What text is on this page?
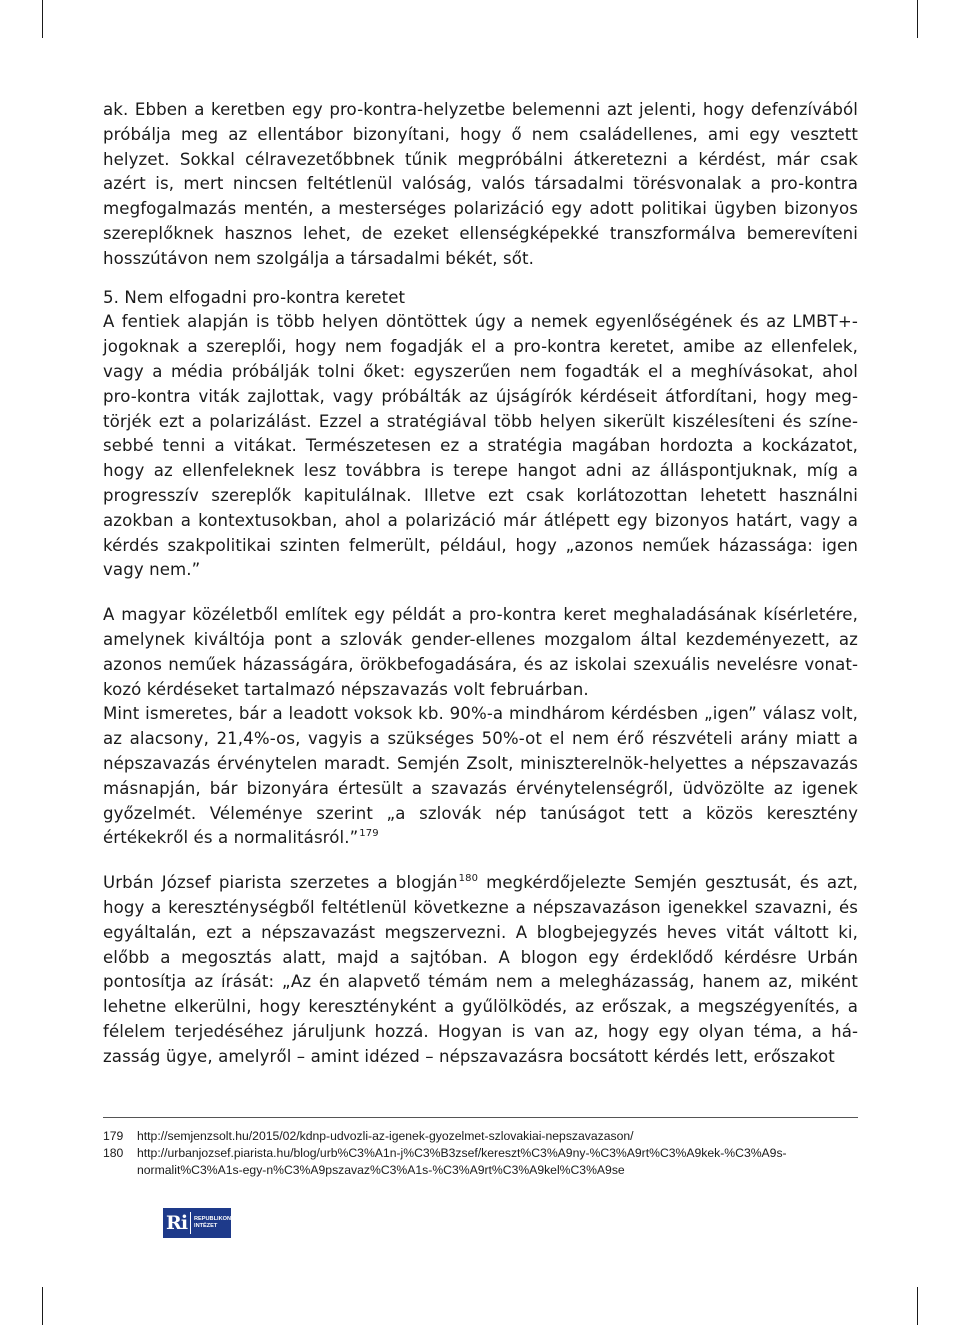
ak. Ebben a keretben egy pro-kontra-helyzetbe belemenni azt jelenti, hogy defenzívából próbálja meg az ellentábor bizonyítani, hogy ő nem családellenes, ami egy vesztett helyzet. Sokkal célravezetőbbnek tűnik megpróbálni átkeretezni a kérdést, már csak azért is, mert nincsen feltétlenül valóság, valós társadalmi törésvonalak a pro-kontra megfogalmazás mentén, a mesterséges polarizáció egy adott politikai ügyben bizonyos szereplőknek hasznos lehet, de ezeket ellenségképekké transzformálva bemerevíteni hosszútávon nem szolgálja a társadalmi békét, sőt.

5. Nem elfogadni pro-kontra keretet

A fentiek alapján is több helyen döntöttek úgy a nemek egyenlőségének és az LMBT+-jogoknak a szereplői, hogy nem fogadják el a pro-kontra keretet, amibe az ellenfelek, vagy a média próbálják tolni őket: egyszerűen nem fogadták el a meghívásokat, ahol pro-kontra viták zajlottak, vagy próbálták az újságírók kérdéseit átfordítani, hogy megtörjék ezt a polarizálást. Ezzel a stratégiával több helyen sikerült kiszélesíteni és színesebbé tenni a vitákat. Természetesen ez a stratégia magában hordozta a kockázatot, hogy az ellenfeleknek lesz továbbra is terepe hangot adni az álláspontjuknak, míg a progresszív szereplők kapitulálnak. Illetve ezt csak korlátozottan lehetett használni azokban a kontextusokban, ahol a polarizáció már átlépett egy bizonyos határt, vagy a kérdés szakpolitikai szinten felmerült, például, hogy „azonos neműek házassága: igen vagy nem.”

A magyar közéletből említek egy példát a pro-kontra keret meghaladásának kísérletére, amelynek kiváltója pont a szlovák gender-ellenes mozgalom által kezdeményezett, az azonos neműek házasságára, örökbefogadására, és az iskolai szexuális nevelésre vonatkozó kérdéseket tartalmazó népszavazás volt februárban.

Mint ismeretes, bár a leadott voksok kb. 90%-a mindhárom kérdésben „igen” válasz volt, az alacsony, 21,4%-os, vagyis a szükséges 50%-ot el nem érő részvételi arány miatt a népszavazás érvénytelen maradt. Semjén Zsolt, miniszterelnök-helyettes a népszavazás másnapján, bár bizonyára értesült a szavazás érvénytelenségről, üdvözölte az igenek győzelmét. Véleménye szerint „a szlovák nép tanúságot tett a közös keresztény értékekről és a normalitásról.”$^{179}$

Urbán József piarista szerzetes a blogján$^{180}$ megkérdőjelezte Semjén gesztusát, és azt, hogy a kereszténységből feltétlenül következne a népszavazáson igenekkel szavazni, és egyáltalán, ezt a népszavazást megszervezni. A blogbejegyzés heves vitát váltott ki, előbb a megosztás alatt, majd a sajtóban. A blogon egy érdeklődő kérdésre Urbán pontosítja az írását: „Az én alapvető témám nem a melegházasság, hanem az, miként lehetne elkerülni, hogy keresztényként a gyűlölködés, az erőszak, a megszégyenítés, a félelem terjedéséhez járuljunk hozzá. Hogyan is van az, hogy egy olyan téma, a házasság ügye, amelyről – amint idézed – népszavazásra bocsátott kérdés lett, erőszakot

179	http://semjenzsolt.hu/2015/02/kdnp-udvozli-az-igenek-gyozelmet-szlovakiai-nepszavazason/
180	http://urbanjozsef.piarista.hu/blog/urb%C3%A1n-j%C3%B3zsef/kereszt%C3%A9ny-%C3%A9rt%C3%A9kek-%C3%A9s-
normalit%C3%A1s-egy-n%C3%A9pszavaz%C3%A1s-%C3%A9rt%C3%A9kel%C3%A9se
Ri	REPUBLIKON
INTÉZET
